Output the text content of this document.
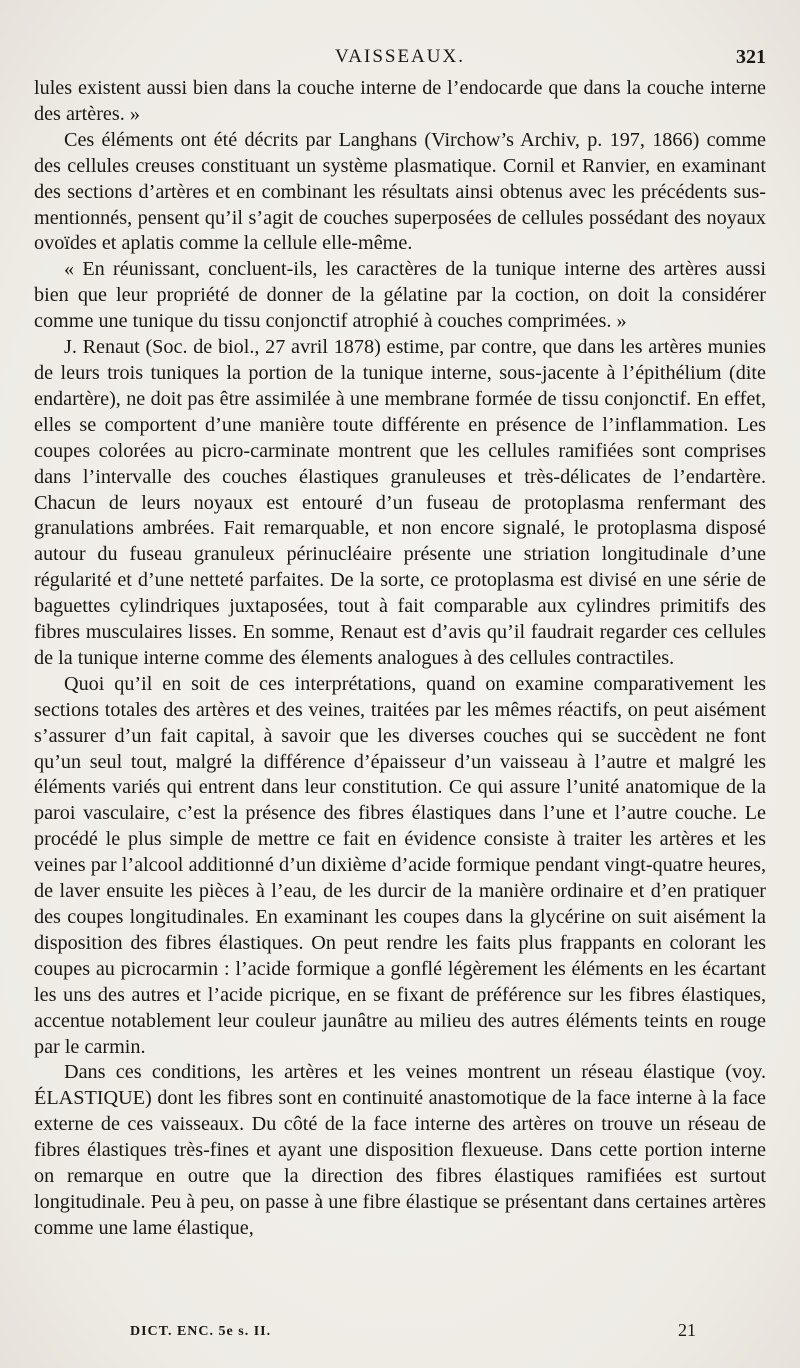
VAISSEAUX.	321

lules existent aussi bien dans la couche interne de l’endocarde que dans la couche interne des artères. »

Ces éléments ont été décrits par Langhans (Virchow’s Archiv, p. 197, 1866) comme des cellules creuses constituant un système plasmatique. Cornil et Ranvier, en examinant des sections d’artères et en combinant les résultats ainsi obtenus avec les précédents sus-mentionnés, pensent qu’il s’agit de couches superposées de cellules possédant des noyaux ovoïdes et aplatis comme la cellule elle-même.

« En réunissant, concluent-ils, les caractères de la tunique interne des artères aussi bien que leur propriété de donner de la gélatine par la coction, on doit la considérer comme une tunique du tissu conjonctif atrophié à couches comprimées. »

J. Renaut (Soc. de biol., 27 avril 1878) estime, par contre, que dans les artères munies de leurs trois tuniques la portion de la tunique interne, sous-jacente à l’épithélium (dite endartère), ne doit pas être assimilée à une membrane formée de tissu conjonctif. En effet, elles se comportent d’une manière toute différente en présence de l’inflammation. Les coupes colorées au picro-carminate montrent que les cellules ramifiées sont comprises dans l’intervalle des couches élastiques granuleuses et très-délicates de l’endartère. Chacun de leurs noyaux est entouré d’un fuseau de protoplasma renfermant des granulations ambrées. Fait remarquable, et non encore signalé, le protoplasma disposé autour du fuseau granuleux périnucléaire présente une striation longitudinale d’une régularité et d’une netteté parfaites. De la sorte, ce protoplasma est divisé en une série de baguettes cylindriques juxtaposées, tout à fait comparable aux cylindres primitifs des fibres musculaires lisses. En somme, Renaut est d’avis qu’il faudrait regarder ces cellules de la tunique interne comme des élements analogues à des cellules contractiles.

Quoi qu’il en soit de ces interprétations, quand on examine comparativement les sections totales des artères et des veines, traitées par les mêmes réactifs, on peut aisément s’assurer d’un fait capital, à savoir que les diverses couches qui se succèdent ne font qu’un seul tout, malgré la différence d’épaisseur d’un vaisseau à l’autre et malgré les éléments variés qui entrent dans leur constitution. Ce qui assure l’unité anatomique de la paroi vasculaire, c’est la présence des fibres élastiques dans l’une et l’autre couche. Le procédé le plus simple de mettre ce fait en évidence consiste à traiter les artères et les veines par l’alcool additionné d’un dixième d’acide formique pendant vingt-quatre heures, de laver ensuite les pièces à l’eau, de les durcir de la manière ordinaire et d’en pratiquer des coupes longitudinales. En examinant les coupes dans la glycérine on suit aisément la disposition des fibres élastiques. On peut rendre les faits plus frappants en colorant les coupes au picrocarmin : l’acide formique a gonflé légèrement les éléments en les écartant les uns des autres et l’acide picrique, en se fixant de préférence sur les fibres élastiques, accentue notablement leur couleur jaunâtre au milieu des autres éléments teints en rouge par le carmin.

Dans ces conditions, les artères et les veines montrent un réseau élastique (voy. ÉLASTIQUE) dont les fibres sont en continuité anastomotique de la face interne à la face externe de ces vaisseaux. Du côté de la face interne des artères on trouve un réseau de fibres élastiques très-fines et ayant une disposition flexueuse. Dans cette portion interne on remarque en outre que la direction des fibres élastiques ramifiées est surtout longitudinale. Peu à peu, on passe à une fibre élastique se présentant dans certaines artères comme une lame élastique,

DICT. ENC. 5e s. II.	21
